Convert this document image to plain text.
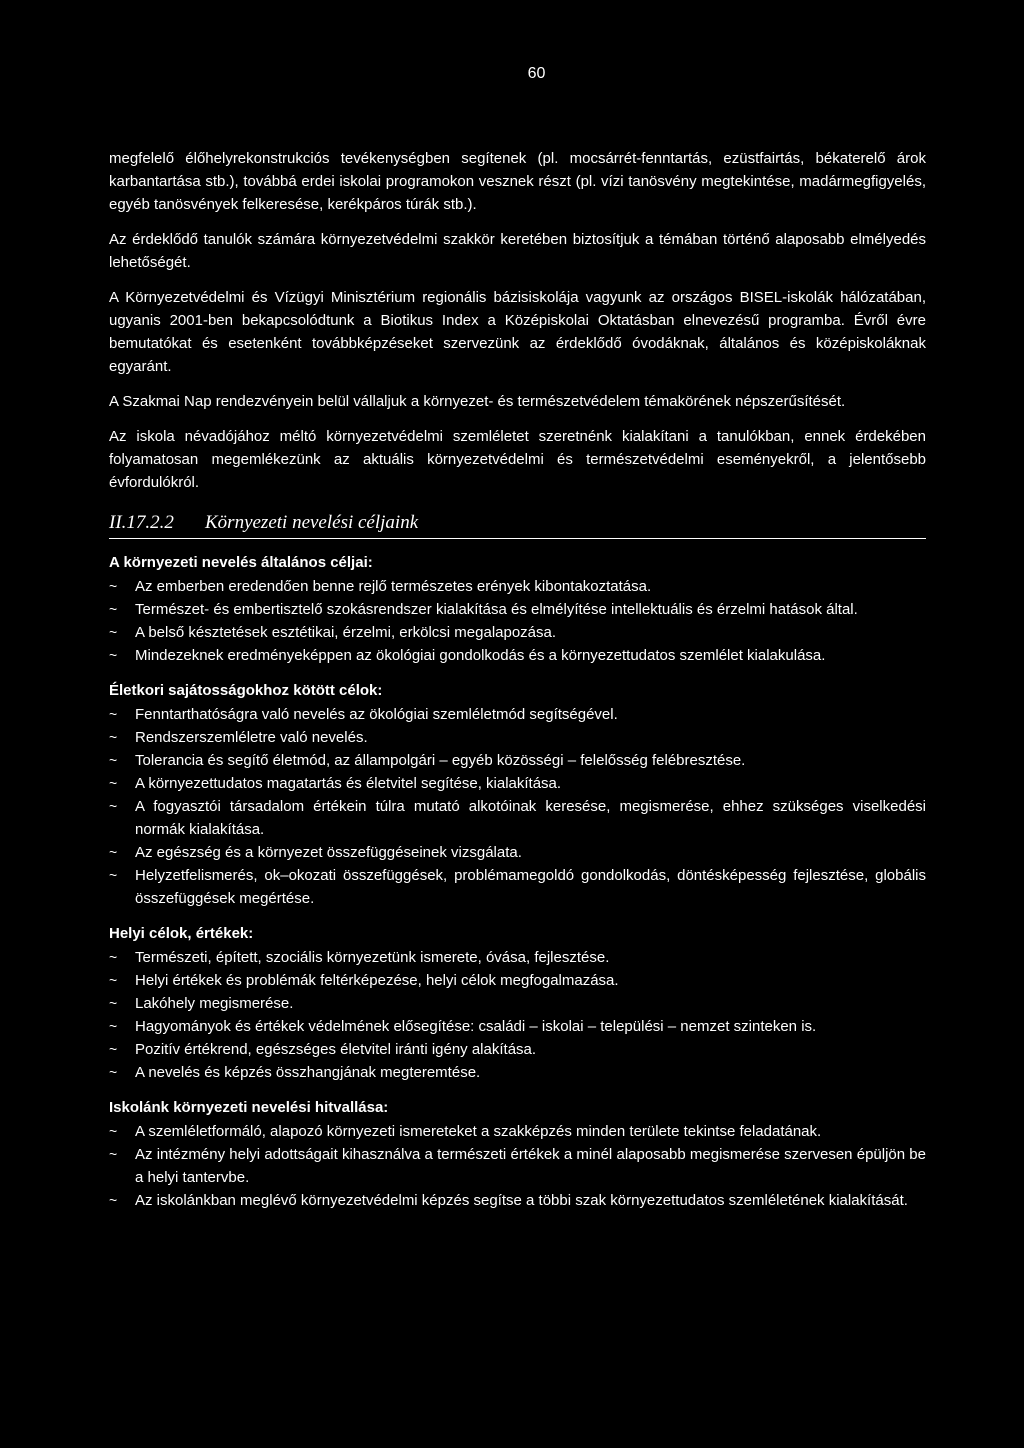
60

megfelelő élőhelyrekonstrukciós tevékenységben segítenek (pl. mocsárrét-fenntartás, ezüstfairtás, békaterelő árok karbantartása stb.), továbbá erdei iskolai programokon vesznek részt (pl. vízi tanösvény megtekintése, madármegfigyelés, egyéb tanösvények felkeresése, kerékpáros túrák stb.).

Az érdeklődő tanulók számára környezetvédelmi szakkör keretében biztosítjuk a témában történő alaposabb elmélyedés lehetőségét.

A Környezetvédelmi és Vízügyi Minisztérium regionális bázisiskolája vagyunk az országos BISEL-iskolák hálózatában, ugyanis 2001-ben bekapcsolódtunk a Biotikus Index a Középiskolai Oktatásban elnevezésű programba. Évről évre bemutatókat és esetenként továbbképzéseket szervezünk az érdeklődő óvodáknak, általános és középiskoláknak egyaránt.

A Szakmai Nap rendezvényein belül vállaljuk a környezet- és természetvédelem témakörének népszerűsítését.

Az iskola névadójához méltó környezetvédelmi szemléletet szeretnénk kialakítani a tanulókban, ennek érdekében folyamatosan megemlékezünk az aktuális környezetvédelmi és természetvédelmi eseményekről, a jelentősebb évfordulókról.

II.17.2.2	Környezeti nevelési céljaink
A környezeti nevelés általános céljai:
~	Az emberben eredendően benne rejlő természetes erények kibontakoztatása.
~	Természet- és embertisztelő szokásrendszer kialakítása és elmélyítése intellektuális és érzelmi hatások által.
~	A belső késztetések esztétikai, érzelmi, erkölcsi megalapozása.
~	Mindezeknek eredményeképpen az ökológiai gondolkodás és a környezettudatos szemlélet kialakulása.
Életkori sajátosságokhoz kötött célok:
~	Fenntarthatóságra való nevelés az ökológiai szemléletmód segítségével.
~	Rendszerszemléletre való nevelés.
~	Tolerancia és segítő életmód, az állampolgári – egyéb közösségi – felelősség felébresztése.
~	A környezettudatos magatartás és életvitel segítése, kialakítása.
~	A fogyasztói társadalom értékein túlra mutató alkotóinak keresése, megismerése, ehhez szükséges viselkedési normák kialakítása.
~	Az egészség és a környezet összefüggéseinek vizsgálata.
~	Helyzetfelismerés, ok–okozati összefüggések, problémamegoldó gondolkodás, döntésképesség fejlesztése, globális összefüggések megértése.
Helyi célok, értékek:
~	Természeti, épített, szociális környezetünk ismerete, óvása, fejlesztése.
~	Helyi értékek és problémák feltérképezése, helyi célok megfogalmazása.
~	Lakóhely megismerése.
~	Hagyományok és értékek védelmének elősegítése: családi – iskolai – települési – nemzet szinteken is.
~	Pozitív értékrend, egészséges életvitel iránti igény alakítása.
~	A nevelés és képzés összhangjának megteremtése.
Iskolánk környezeti nevelési hitvallása:
~	A szemléletformáló, alapozó környezeti ismereteket a szakképzés minden területe tekintse feladatának.
~	Az intézmény helyi adottságait kihasználva a természeti értékek a minél alaposabb megismerése szervesen épüljön be a helyi tantervbe.
~	Az iskolánkban meglévő környezetvédelmi képzés segítse a többi szak környezettudatos szemléletének kialakítását.
